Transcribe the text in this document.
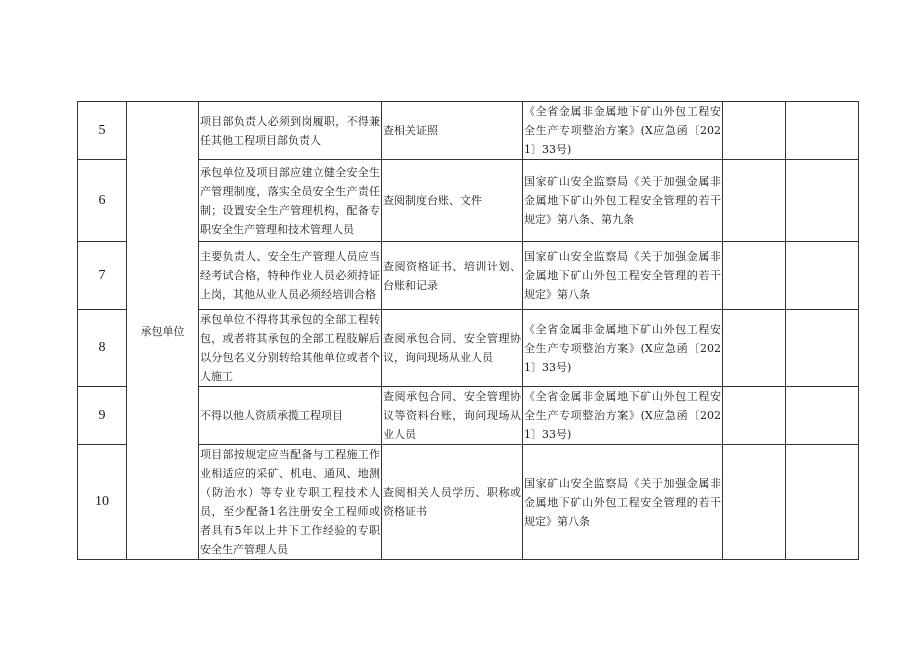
5	承包单位	项目部负责人必须到岗履职，不得兼任其他工程项目部负责人	查相关证照	《全省金属非金属地下矿山外包工程安全生产专项整治方案》(X应急函〔2021〕33号)		
6		承包单位及项目部应建立健全安全生产管理制度，落实全员安全生产责任制；设置安全生产管理机构，配备专职安全生产管理和技术管理人员	查阅制度台账、文件	国家矿山安全监察局《关于加强金属非金属地下矿山外包工程安全管理的若干规定》第八条、第九条		
7		主要负责人、安全生产管理人员应当经考试合格，特种作业人员必须持证上岗，其他从业人员必须经培训合格	查阅资格证书、培训计划、台账和记录	国家矿山安全监察局《关于加强金属非金属地下矿山外包工程安全管理的若干规定》第八条		
8		承包单位不得将其承包的全部工程转包，或者将其承包的全部工程肢解后以分包名义分别转给其他单位或者个人施工	查阅承包合同、安全管理协议，询问现场从业人员	《全省金属非金属地下矿山外包工程安全生产专项整治方案》(X应急函〔2021〕33号)		
9		不得以他人资质承揽工程项目	查阅承包合同、安全管理协议等资料台账，询问现场从业人员	《全省金属非金属地下矿山外包工程安全生产专项整治方案》(X应急函〔2021〕33号)		
10		项目部按规定应当配备与工程施工作业相适应的采矿、机电、通风、地测（防治水）等专业专职工程技术人员，至少配备1名注册安全工程师或者具有5年以上井下工作经验的专职安全生产管理人员	查阅相关人员学历、职称或资格证书	国家矿山安全监察局《关于加强金属非金属地下矿山外包工程安全管理的若干规定》第八条		
